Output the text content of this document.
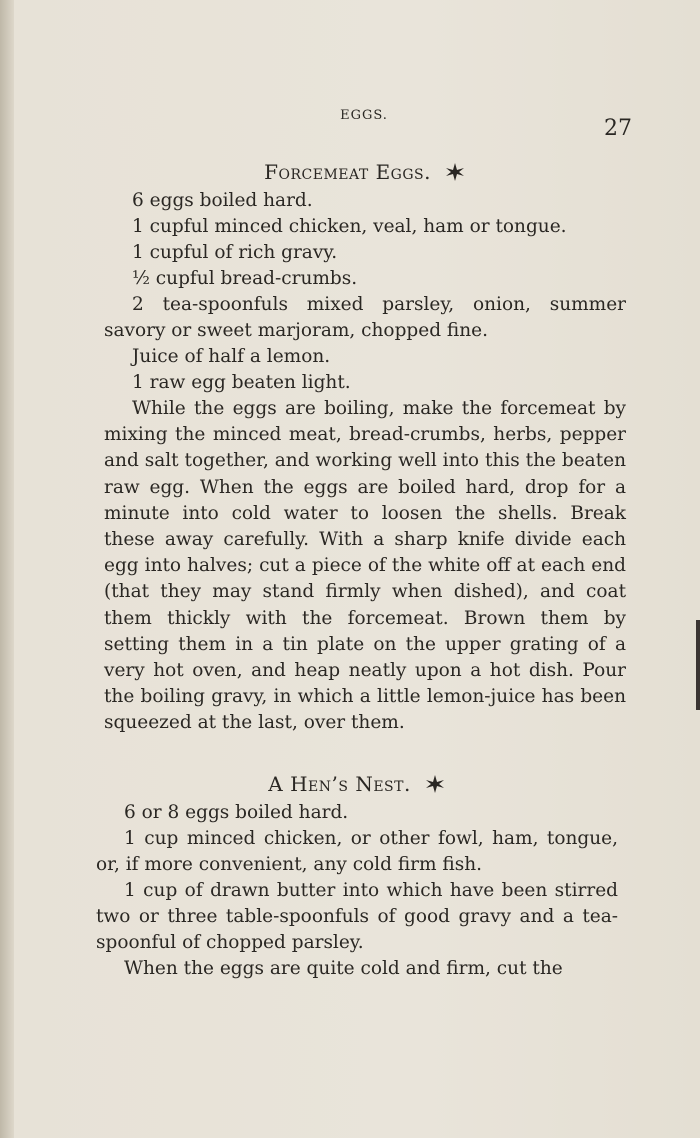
EGGS.
27
Forcemeat Eggs.

6 eggs boiled hard.

1 cupful minced chicken, veal, ham or tongue.

1 cupful of rich gravy.

½ cupful bread-crumbs.

2 tea-spoonfuls mixed parsley, onion, summer savory or sweet marjoram, chopped fine.

Juice of half a lemon.

1 raw egg beaten light.

While the eggs are boiling, make the forcemeat by mixing the minced meat, bread-crumbs, herbs, pepper and salt together, and working well into this the beaten raw egg. When the eggs are boiled hard, drop for a minute into cold water to loosen the shells. Break these away carefully. With a sharp knife divide each egg into halves; cut a piece of the white off at each end (that they may stand firmly when dished), and coat them thickly with the forcemeat. Brown them by setting them in a tin plate on the upper grating of a very hot oven, and heap neatly upon a hot dish. Pour the boiling gravy, in which a little lemon-juice has been squeezed at the last, over them.

A Hen’s Nest.

6 or 8 eggs boiled hard.

1 cup minced chicken, or other fowl, ham, tongue, or, if more convenient, any cold firm fish.

1 cup of drawn butter into which have been stirred two or three table-spoonfuls of good gravy and a tea-spoonful of chopped parsley.

When the eggs are quite cold and firm, cut the
